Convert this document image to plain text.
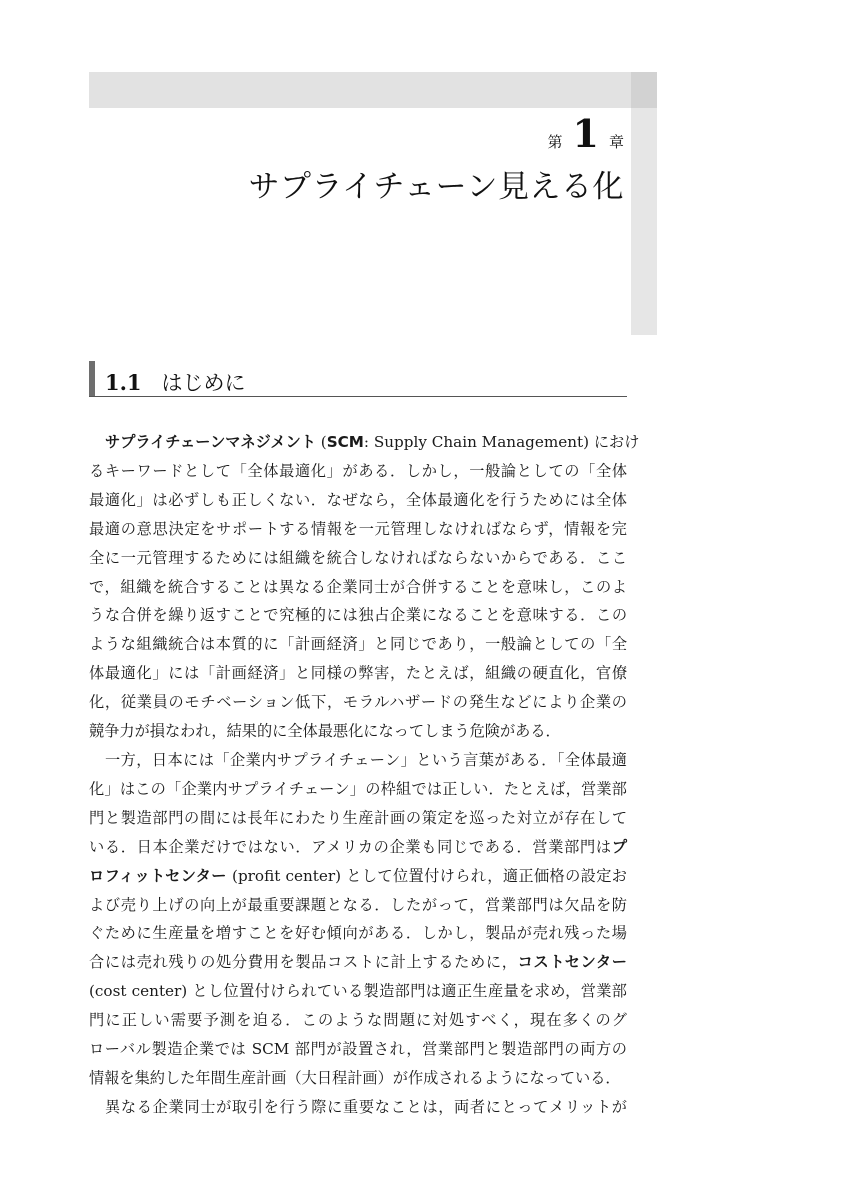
第 1 章
サプライチェーン見える化
1.1 はじめに
サプライチェーンマネジメント (SCM: Supply Chain Management) におけ
るキーワードとして「全体最適化」がある．しかし，一般論としての「全体
最適化」は必ずしも正しくない．なぜなら，全体最適化を行うためには全体
最適の意思決定をサポートする情報を一元管理しなければならず，情報を完
全に一元管理するためには組織を統合しなければならないからである．ここ
で，組織を統合することは異なる企業同士が合併することを意味し，このよ
うな合併を繰り返すことで究極的には独占企業になることを意味する．この
ような組織統合は本質的に「計画経済」と同じであり，一般論としての「全
体最適化」には「計画経済」と同様の弊害，たとえば，組織の硬直化，官僚
化，従業員のモチベーション低下，モラルハザードの発生などにより企業の
競争力が損なわれ，結果的に全体最悪化になってしまう危険がある．
一方，日本には「企業内サプライチェーン」という言葉がある．「全体最適
化」はこの「企業内サプライチェーン」の枠組では正しい．たとえば，営業部
門と製造部門の間には長年にわたり生産計画の策定を巡った対立が存在して
いる．日本企業だけではない．アメリカの企業も同じである．営業部門はプ
ロフィットセンター (profit center) として位置付けられ，適正価格の設定お
よび売り上げの向上が最重要課題となる．したがって，営業部門は欠品を防
ぐために生産量を増すことを好む傾向がある．しかし，製品が売れ残った場
合には売れ残りの処分費用を製品コストに計上するために，コストセンター
(cost center) とし位置付けられている製造部門は適正生産量を求め，営業部
門に正しい需要予測を迫る．このような問題に対処すべく，現在多くのグ
ローバル製造企業では SCM 部門が設置され，営業部門と製造部門の両方の
情報を集約した年間生産計画（大日程計画）が作成されるようになっている．
異なる企業同士が取引を行う際に重要なことは，両者にとってメリットが
